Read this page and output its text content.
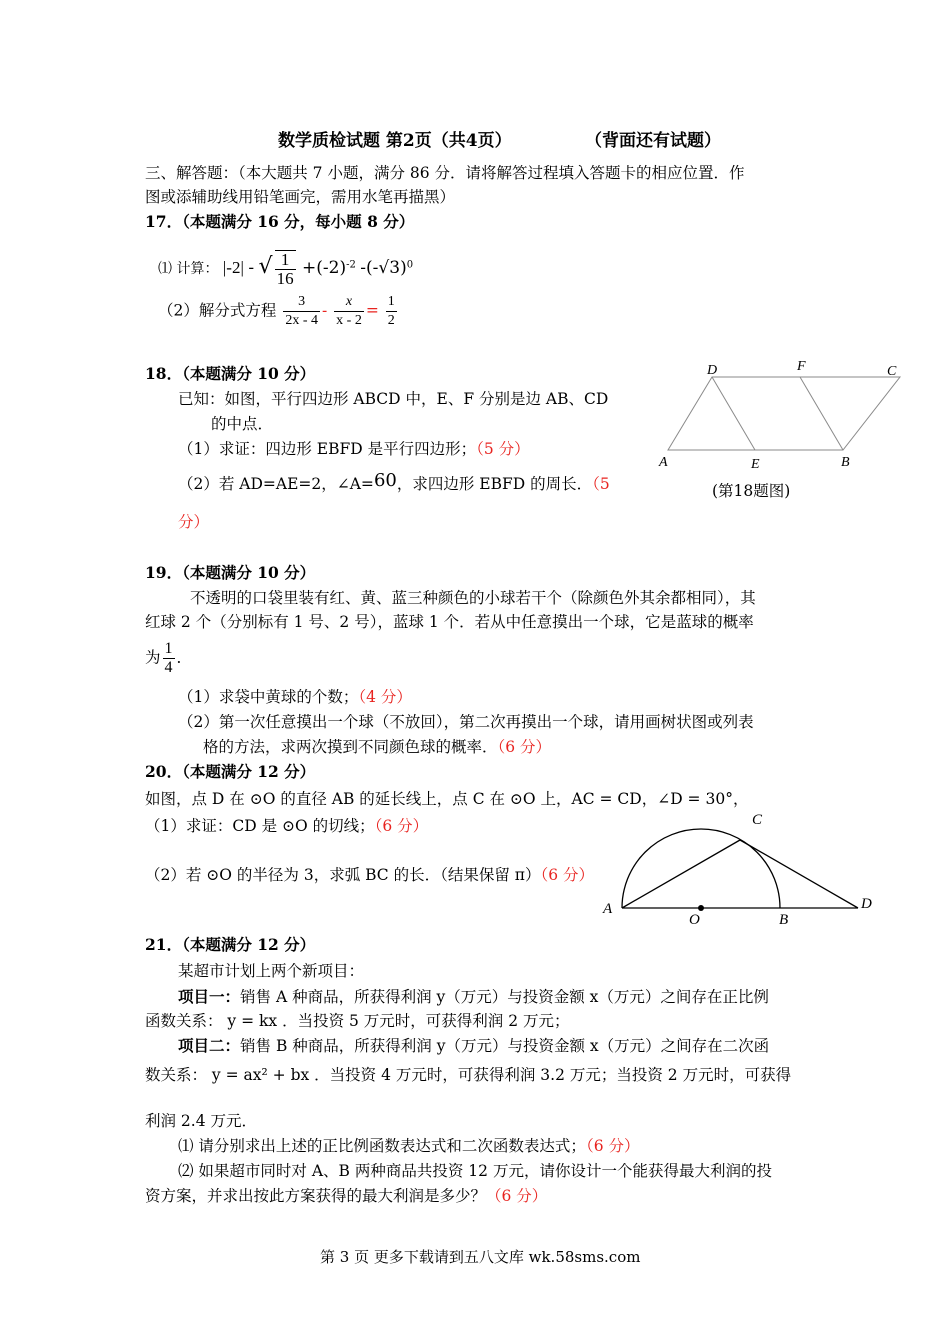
数学质检试题 第2页（共4页）	（背面还有试题）
三、解答题：（本大题共 7 小题，满分 86 分．请将解答过程填入答题卡的相应位置．作
图或添辅助线用铅笔画完，需用水笔再描黑）
17．（本题满分 16 分，每小题 8 分）
⑴ 计算： |-2| - √ $\frac{1}{16} +(-2)^{-2}$ $-(-√3)^0$
（2）解分式方程 $\frac{3}{2x - 4} - \frac{x}{x - 2} = \frac{1}{2}$
18．（本题满分 10 分）
已知：如图，平行四边形 ABCD 中，E、F 分别是边 AB、CD
的中点．
（1）求证：四边形 EBFD 是平行四边形；（5 分）
（2）若 AD=AE=2，∠A=60，求四边形 EBFD 的周长．（5
分）
A	E	B
C
D	F
(第18题图)
19．（本题满分 10 分）
不透明的口袋里装有红、黄、蓝三种颜色的小球若干个（除颜色外其余都相同），其
红球 2 个（分别标有 1 号、2 号），蓝球 1 个．若从中任意摸出一个球，它是蓝球的概率
为 $\frac{1}{4}$ ．
（1）求袋中黄球的个数；（4 分）
（2）第一次任意摸出一个球（不放回），第二次再摸出一个球，请用画树状图或列表
格的方法，求两次摸到不同颜色球的概率．（6 分）
20．（本题满分 12 分）
如图，点 D 在 ⊙O 的直径 AB 的延长线上，点 C 在 ⊙O 上，AC = CD，∠D = 30°，
（1）求证：CD 是 ⊙O 的切线；（6 分）
（2）若 ⊙O 的半径为 3，求弧 BC 的长．（结果保留 π）（6 分）
A
O	B
C
D
21．（本题满分 12 分）
某超市计划上两个新项目：
项目一：销售 A 种商品，所获得利润 y（万元）与投资金额 x（万元）之间存在正比例
函数关系： y = kx ．当投资 5 万元时，可获得利润 2 万元；
项目二：销售 B 种商品，所获得利润 y（万元）与投资金额 x（万元）之间存在二次函
数关系： y = ax² + bx ．当投资 4 万元时，可获得利润 3.2 万元；当投资 2 万元时，可获得
利润 2.4 万元．
⑴ 请分别求出上述的正比例函数表达式和二次函数表达式；（6 分）
⑵ 如果超市同时对 A、B 两种商品共投资 12 万元，请你设计一个能获得最大利润的投
资方案，并求出按此方案获得的最大利润是多少？（6 分）
第 3 页 更多下载请到五八文库 wk.58sms.com
